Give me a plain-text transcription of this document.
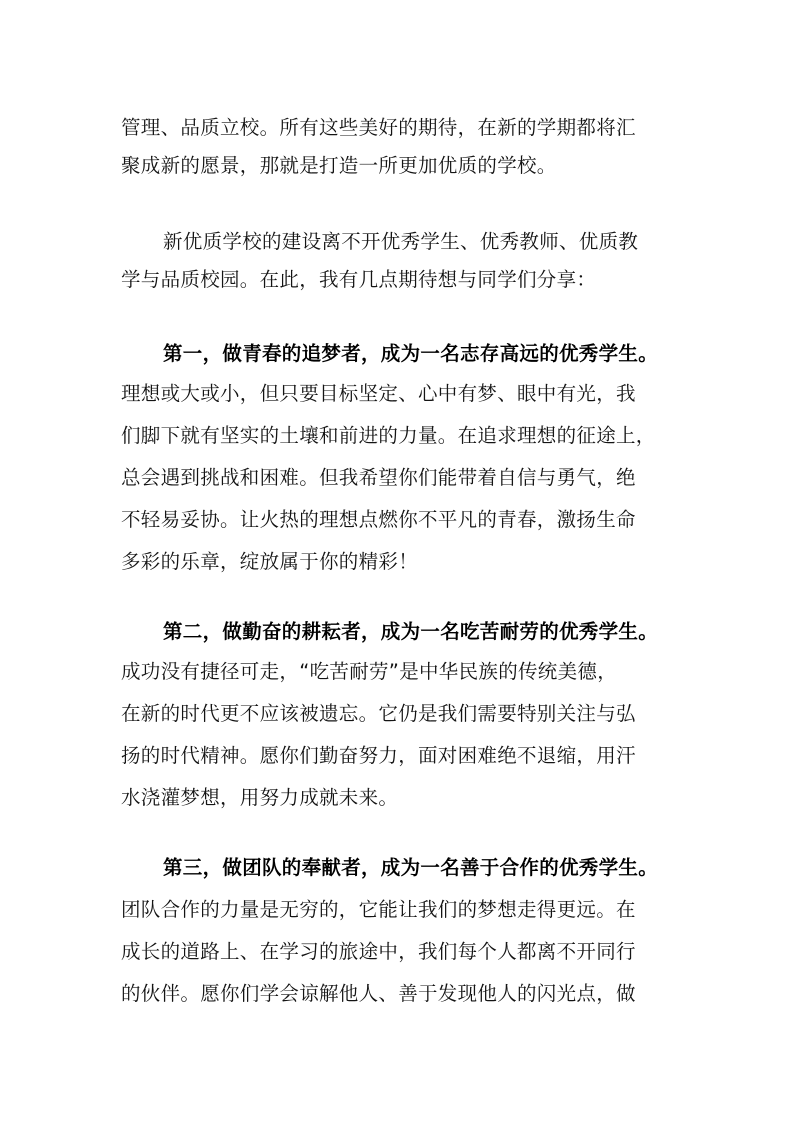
管理、品质立校。所有这些美好的期待，在新的学期都将汇
聚成新的愿景，那就是打造一所更加优质的学校。
新优质学校的建设离不开优秀学生、优秀教师、优质教
学与品质校园。在此，我有几点期待想与同学们分享：
第一，做青春的追梦者，成为一名志存高远的优秀学生。
理想或大或小，但只要目标坚定、心中有梦、眼中有光，我
们脚下就有坚实的土壤和前进的力量。在追求理想的征途上，
总会遇到挑战和困难。但我希望你们能带着自信与勇气，绝
不轻易妥协。让火热的理想点燃你不平凡的青春，激扬生命
多彩的乐章，绽放属于你的精彩！
第二，做勤奋的耕耘者，成为一名吃苦耐劳的优秀学生。
成功没有捷径可走，“吃苦耐劳”是中华民族的传统美德，
在新的时代更不应该被遗忘。它仍是我们需要特别关注与弘
扬的时代精神。愿你们勤奋努力，面对困难绝不退缩，用汗
水浇灌梦想，用努力成就未来。
第三，做团队的奉献者，成为一名善于合作的优秀学生。
团队合作的力量是无穷的，它能让我们的梦想走得更远。在
成长的道路上、在学习的旅途中，我们每个人都离不开同行
的伙伴。愿你们学会谅解他人、善于发现他人的闪光点，做
